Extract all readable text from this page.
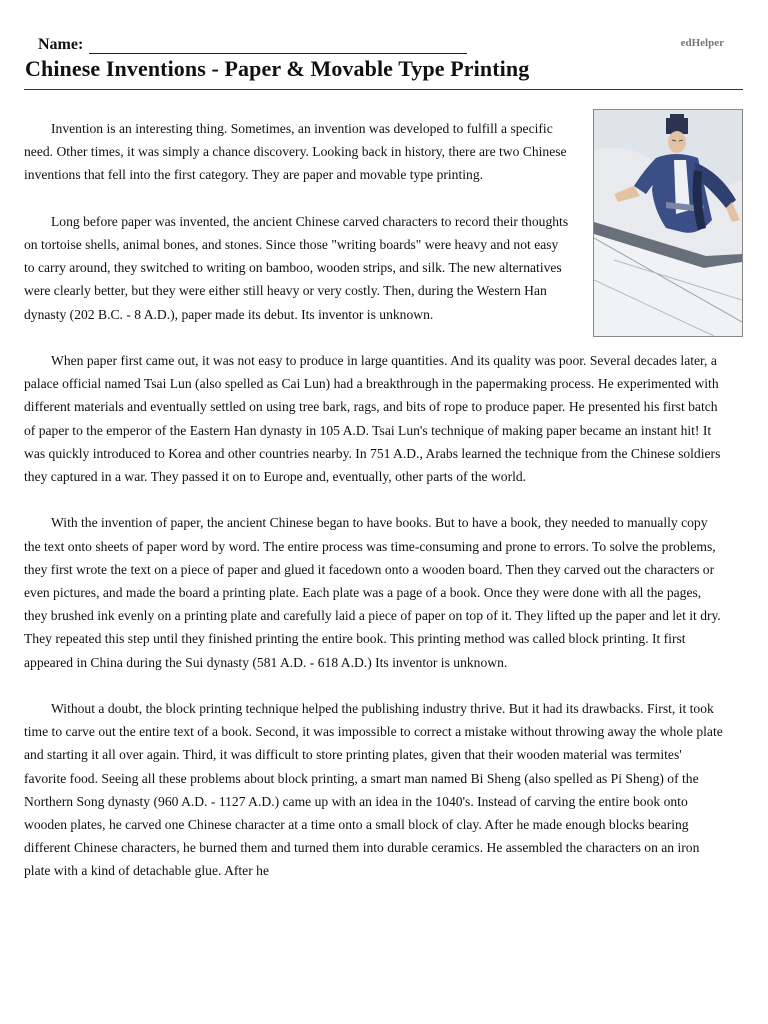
Name:	edHelper
Chinese Inventions - Paper & Movable Type Printing

Invention is an interesting thing. Sometimes, an invention was developed to fulfill a specific need. Other times, it was simply a chance discovery. Looking back in history, there are two Chinese inventions that fell into the first category. They are paper and movable type printing.

Long before paper was invented, the ancient Chinese carved characters to record their thoughts on tortoise shells, animal bones, and stones. Since those "writing boards" were heavy and not easy to carry around, they switched to writing on bamboo, wooden strips, and silk. The new alternatives were clearly better, but they were either still heavy or very costly. Then, during the Western Han dynasty (202 B.C. - 8 A.D.), paper made its debut. Its inventor is unknown.

When paper first came out, it was not easy to produce in large quantities. And its quality was poor. Several decades later, a palace official named Tsai Lun (also spelled as Cai Lun) had a breakthrough in the papermaking process. He experimented with different materials and eventually settled on using tree bark, rags, and bits of rope to produce paper. He presented his first batch of paper to the emperor of the Eastern Han dynasty in 105 A.D. Tsai Lun's technique of making paper became an instant hit! It was quickly introduced to Korea and other countries nearby. In 751 A.D., Arabs learned the technique from the Chinese soldiers they captured in a war. They passed it on to Europe and, eventually, other parts of the world.

With the invention of paper, the ancient Chinese began to have books. But to have a book, they needed to manually copy the text onto sheets of paper word by word. The entire process was time-consuming and prone to errors. To solve the problems, they first wrote the text on a piece of paper and glued it facedown onto a wooden board. Then they carved out the characters or even pictures, and made the board a printing plate. Each plate was a page of a book. Once they were done with all the pages, they brushed ink evenly on a printing plate and carefully laid a piece of paper on top of it. They lifted up the paper and let it dry. They repeated this step until they finished printing the entire book. This printing method was called block printing. It first appeared in China during the Sui dynasty (581 A.D. - 618 A.D.) Its inventor is unknown.

Without a doubt, the block printing technique helped the publishing industry thrive. But it had its drawbacks. First, it took time to carve out the entire text of a book. Second, it was impossible to correct a mistake without throwing away the whole plate and starting it all over again. Third, it was difficult to store printing plates, given that their wooden material was termites' favorite food. Seeing all these problems about block printing, a smart man named Bi Sheng (also spelled as Pi Sheng) of the Northern Song dynasty (960 A.D. - 1127 A.D.) came up with an idea in the 1040's. Instead of carving the entire book onto wooden plates, he carved one Chinese character at a time onto a small block of clay. After he made enough blocks bearing different Chinese characters, he burned them and turned them into durable ceramics. He assembled the characters on an iron plate with a kind of detachable glue. After he
